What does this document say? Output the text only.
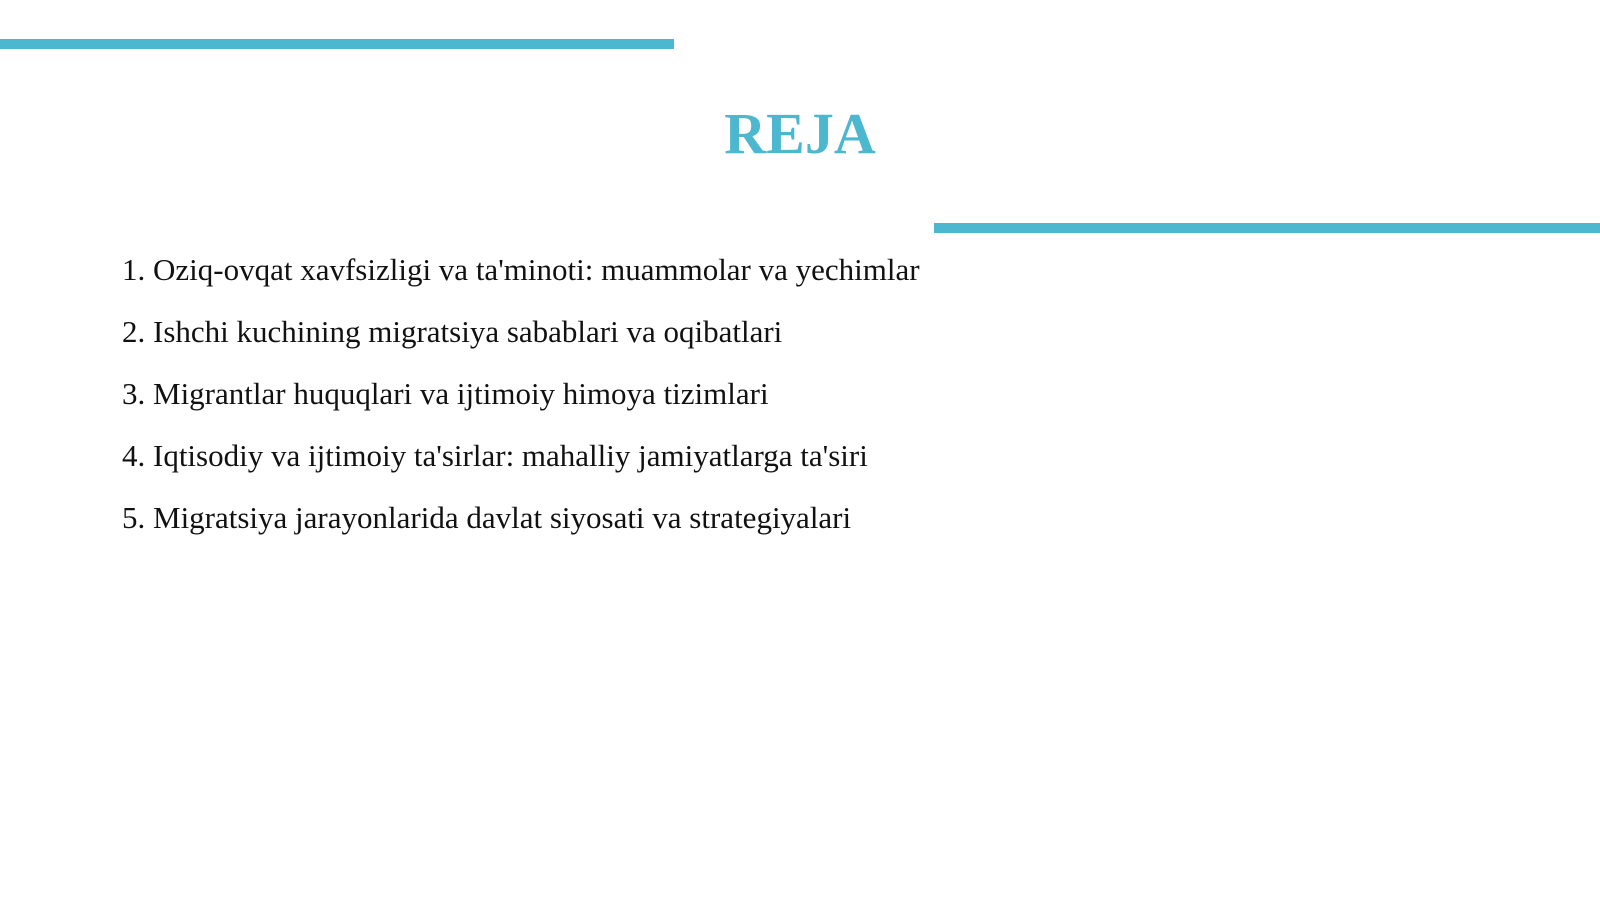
REJA
1. Oziq-ovqat xavfsizligi va ta'minoti: muammolar va yechimlar
2. Ishchi kuchining migratsiya sabablari va oqibatlari
3. Migrantlar huquqlari va ijtimoiy himoya tizimlari
4. Iqtisodiy va ijtimoiy ta'sirlar: mahalliy jamiyatlarga ta'siri
5. Migratsiya jarayonlarida davlat siyosati va strategiyalari
